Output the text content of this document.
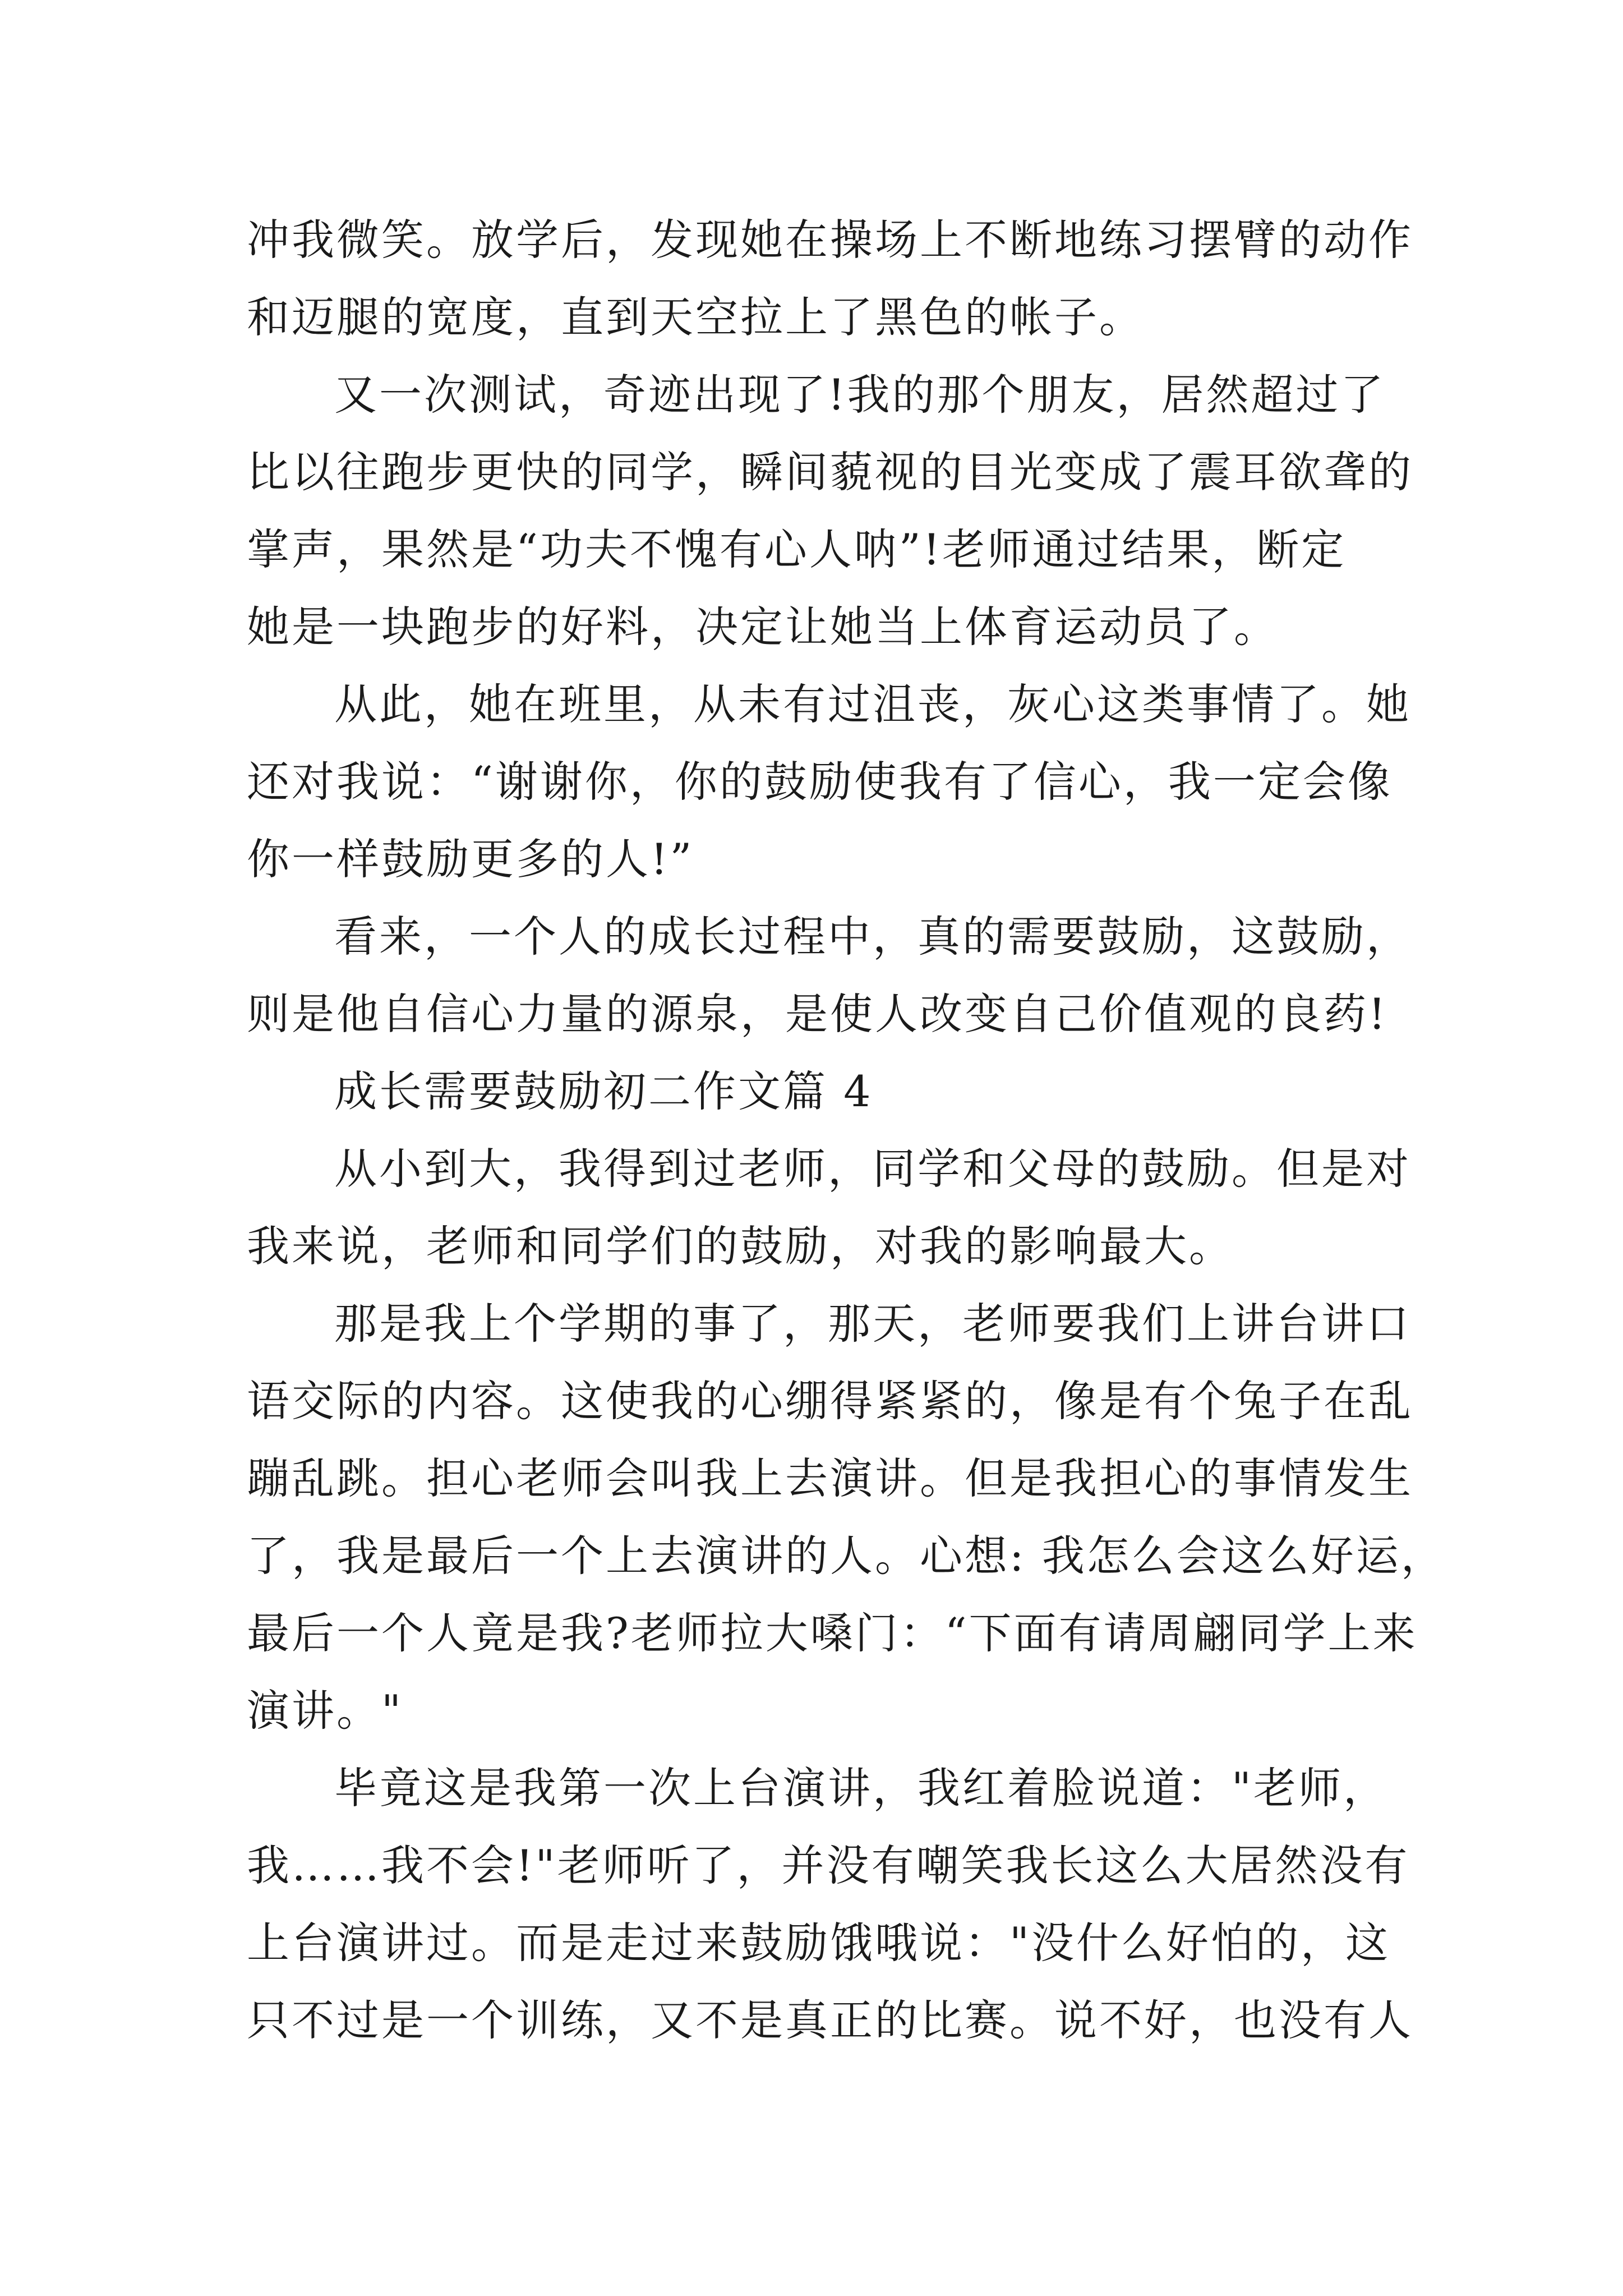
冲我微笑。放学后，发现她在操场上不断地练习摆臂的动作
和迈腿的宽度，直到天空拉上了黑色的帐子。
又一次测试，奇迹出现了!我的那个朋友，居然超过了
比以往跑步更快的同学，瞬间藐视的目光变成了震耳欲聋的
掌声，果然是“功夫不愧有心人呐”!老师通过结果，断定
她是一块跑步的好料，决定让她当上体育运动员了。
从此，她在班里，从未有过沮丧，灰心这类事情了。她
还对我说：“谢谢你，你的鼓励使我有了信心，我一定会像
你一样鼓励更多的人!”
看来，一个人的成长过程中，真的需要鼓励，这鼓励，
则是他自信心力量的源泉，是使人改变自己价值观的良药!
成长需要鼓励初二作文篇 4
从小到大，我得到过老师，同学和父母的鼓励。但是对
我来说，老师和同学们的鼓励，对我的影响最大。
那是我上个学期的事了，那天，老师要我们上讲台讲口
语交际的内容。这使我的心绷得紧紧的，像是有个兔子在乱
蹦乱跳。担心老师会叫我上去演讲。但是我担心的事情发生
了，我是最后一个上去演讲的人。心想: 我怎么会这么好运，
最后一个人竟是我?老师拉大嗓门：“下面有请周翩同学上来
演讲。"
毕竟这是我第一次上台演讲，我红着脸说道："老师，
我……我不会!"老师听了，并没有嘲笑我长这么大居然没有
上台演讲过。而是走过来鼓励饿哦说："没什么好怕的，这
只不过是一个训练，又不是真正的比赛。说不好，也没有人
